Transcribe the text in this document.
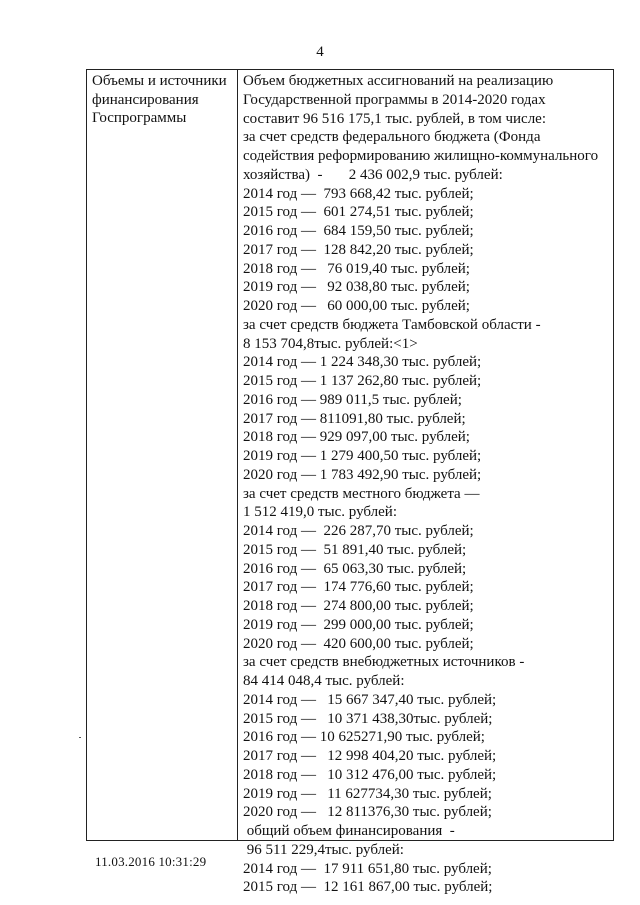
4
Объемы и источники
финансирования
Госпрограммы
Объем бюджетных ассигнований на реализацию
Государственной программы в 2014-2020 годах
составит 96 516 175,1 тыс. рублей, в том числе:
за счет средств федерального бюджета (Фонда
содействия реформированию жилищно-коммунального
хозяйства)  -       2 436 002,9 тыс. рублей:
2014 год —  793 668,42 тыс. рублей;
2015 год —  601 274,51 тыс. рублей;
2016 год —  684 159,50 тыс. рублей;
2017 год —  128 842,20 тыс. рублей;
2018 год —   76 019,40 тыс. рублей;
2019 год —   92 038,80 тыс. рублей;
2020 год —   60 000,00 тыс. рублей;
за счет средств бюджета Тамбовской области -
8 153 704,8тыс. рублей:<1>
2014 год — 1 224 348,30 тыс. рублей;
2015 год — 1 137 262,80 тыс. рублей;
2016 год — 989 011,5 тыс. рублей;
2017 год — 811091,80 тыс. рублей;
2018 год — 929 097,00 тыс. рублей;
2019 год — 1 279 400,50 тыс. рублей;
2020 год — 1 783 492,90 тыс. рублей;
за счет средств местного бюджета —
1 512 419,0 тыс. рублей:
2014 год —  226 287,70 тыс. рублей;
2015 год —  51 891,40 тыс. рублей;
2016 год —  65 063,30 тыс. рублей;
2017 год —  174 776,60 тыс. рублей;
2018 год —  274 800,00 тыс. рублей;
2019 год —  299 000,00 тыс. рублей;
2020 год —  420 600,00 тыс. рублей;
за счет средств внебюджетных источников -
84 414 048,4 тыс. рублей:
2014 год —   15 667 347,40 тыс. рублей;
2015 год —   10 371 438,30тыс. рублей;
2016 год — 10 625271,90 тыс. рублей;
2017 год —   12 998 404,20 тыс. рублей;
2018 год —   10 312 476,00 тыс. рублей;
2019 год —   11 627734,30 тыс. рублей;
2020 год —   12 811376,30 тыс. рублей;
общий объем финансирования  -
96 511 229,4тыс. рублей:
2014 год —  17 911 651,80 тыс. рублей;
2015 год —  12 161 867,00 тыс. рублей;
11.03.2016 10:31:29
